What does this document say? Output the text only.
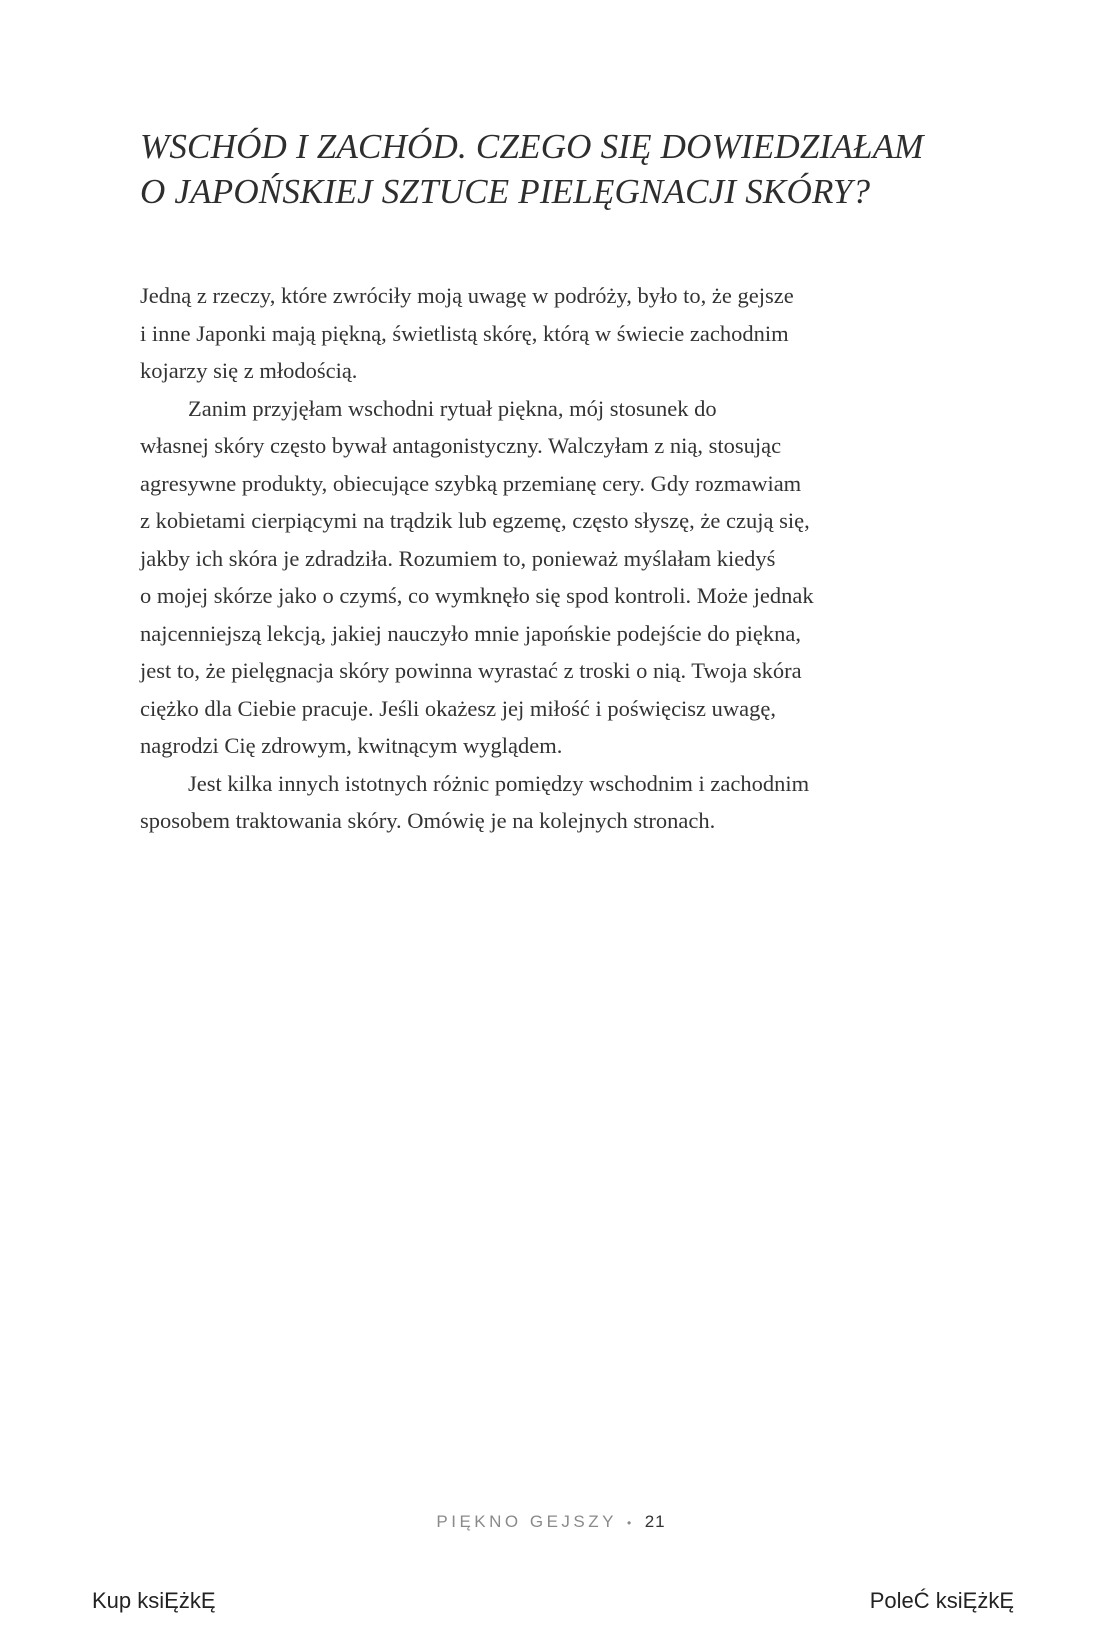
WSCHÓD I ZACHÓD. CZEGO SIĘ DOWIEDZIAŁAM
O JAPOŃSKIEJ SZTUCE PIELĘGNACJI SKÓRY?

Jedną z rzeczy, które zwróciły moją uwagę w podróży, było to, że gejsze
i inne Japonki mają piękną, świetlistą skórę, którą w świecie zachodnim
kojarzy się z młodością.

Zanim przyjęłam wschodni rytuał piękna, mój stosunek do
własnej skóry często bywał antagonistyczny. Walczyłam z nią, stosując
agresywne produkty, obiecujące szybką przemianę cery. Gdy rozmawiam
z kobietami cierpiącymi na trądzik lub egzemę, często słyszę, że czują się,
jakby ich skóra je zdradziła. Rozumiem to, ponieważ myślałam kiedyś
o mojej skórze jako o czymś, co wymknęło się spod kontroli. Może jednak
najcenniejszą lekcją, jakiej nauczyło mnie japońskie podejście do piękna,
jest to, że pielęgnacja skóry powinna wyrastać z troski o nią. Twoja skóra
ciężko dla Ciebie pracuje. Jeśli okażesz jej miłość i poświęcisz uwagę,
nagrodzi Cię zdrowym, kwitnącym wyglądem.

Jest kilka innych istotnych różnic pomiędzy wschodnim i zachodnim
sposobem traktowania skóry. Omówię je na kolejnych stronach.

PIĘKNO GEJSZY • 21
Kup ksiĘżkĘ	PoleĆ ksiĘżkĘ
